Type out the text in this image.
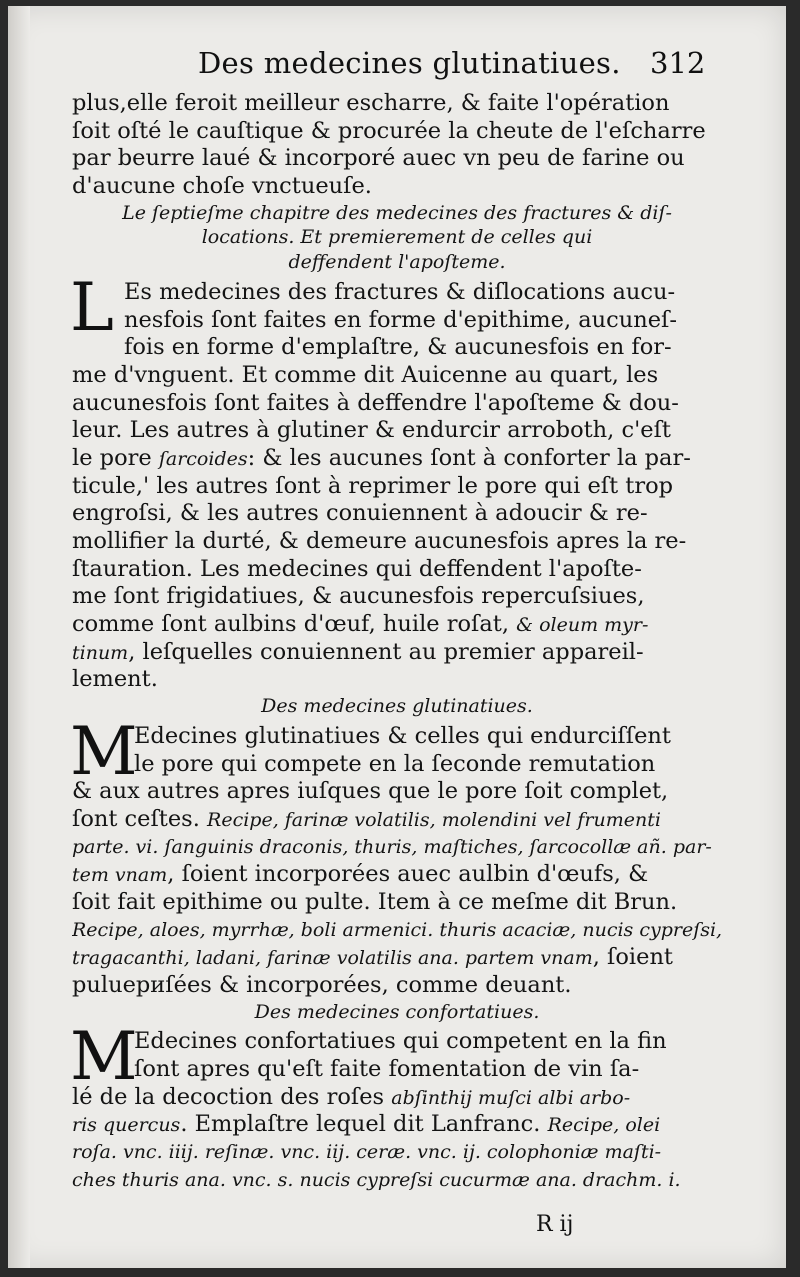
Des medecines glutinatiues. 312
plus,elle feroit meilleur escharre, & faite l'opération
ſoit oſté le cauſtique & procurée la cheute de l'eſcharre
par beurre laué & incorporé auec vn peu de farine ou
d'aucune choſe vnctueuſe.
Le ſeptieſme chapitre des medecines des fractures & diſ-
locations. Et premierement de celles qui
deffendent l'apoſteme.
L Es medecines des fractures & diſlocations aucu-
nesfois ſont faites en forme d'epithime, aucuneſ-
fois en forme d'emplaſtre, & aucunesfois en for-
me d'vnguent. Et comme dit Auicenne au quart, les
aucunesfois ſont faites à deffendre l'apoſteme & dou-
leur. Les autres à glutiner & endurcir arroboth, c'eſt
le pore ſarcoides: & les aucunes ſont à conforter la par-
ticule,' les autres ſont à reprimer le pore qui eſt trop
engroſsi, & les autres conuiennent à adoucir & re-
mollifier la durté, & demeure aucunesfois apres la re-
ſtauration. Les medecines qui deffendent l'apoſte-
me ſont frigidatiues, & aucunesfois repercuſsiues,
comme ſont aulbins d'œuf, huile roſat, & oleum myr-
tinum, leſquelles conuiennent au premier appareil-
lement.
Des medecines glutinatiues.
M
Edecines glutinatiues & celles qui endurciſſent
le pore qui compete en la ſeconde remutation
& aux autres apres iuſques que le pore ſoit complet,
ſont ceſtes. Recipe, farinæ volatilis, molendini vel frumenti
parte. vi. ſanguinis draconis, thuris, maſtiches, ſarcocollæ añ. par-
tem vnam, ſoient incorporées auec aulbin d'œufs, &
ſoit fait epithime ou pulte. Item à ce meſme dit Brun.
Recipe, aloes, myrrhæ, boli armenici. thuris acaciæ, nucis cypreſsi,
tragacanthi, ladani, farinæ volatilis ana. partem vnam, ſoient
puluериſées & incorporées, comme deuant.
Des medecines confortatiues.
M
Edecines confortatiues qui competent en la fin
ſont apres qu'eſt faite fomentation de vin ſa-
lé de la decoction des roſes abſinthij muſci albi arbo-
ris quercus. Emplaſtre lequel dit Lanfranc. Recipe, olei
roſa. vnc. iiij. reſinæ. vnc. iij. ceræ. vnc. ij. colophoniæ maſti-
ches thuris ana. vnc. s. nucis cypreſsi cucurmæ ana. drachm. i.
R ij
